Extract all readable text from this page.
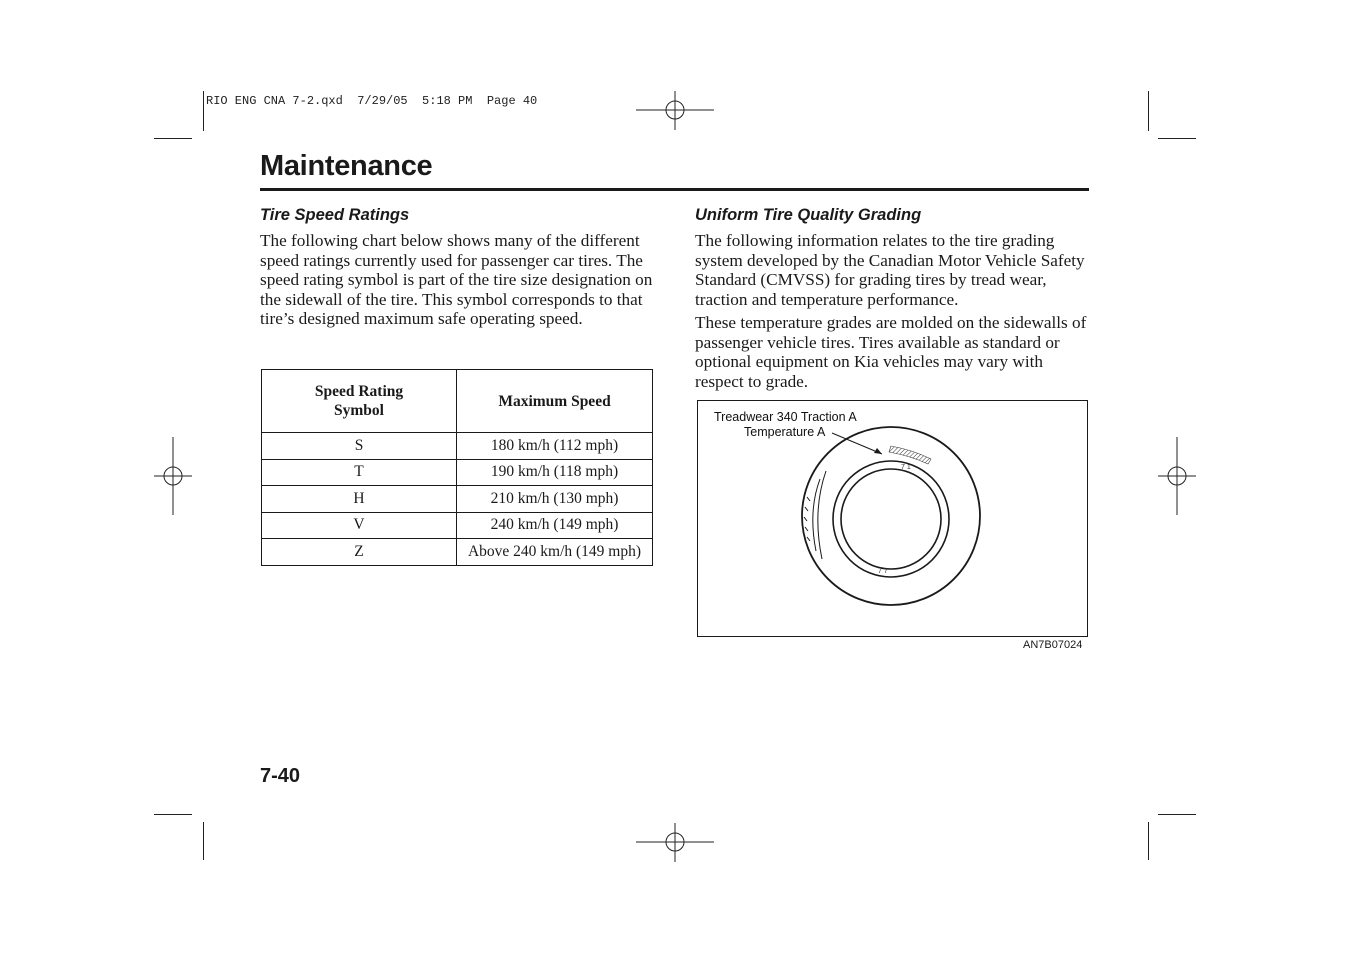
RIO ENG CNA 7-2.qxd  7/29/05  5:18 PM  Page 40
Maintenance
Tire Speed Ratings

The following chart below shows many of the different speed ratings currently used for passenger car tires. The speed rating symbol is part of the tire size designation on the sidewall of the tire. This symbol corresponds to that tire’s designed maximum safe operating speed.

Speed Rating
Symbol	Maximum Speed
S	180 km/h (112 mph)
T	190 km/h (118 mph)
H	210 km/h (130 mph)
V	240 km/h (149 mph)
Z	Above 240 km/h (149 mph)
Uniform Tire Quality Grading

The following information relates to the tire grading system developed by the Canadian Motor Vehicle Safety Standard (CMVSS) for grading tires by tread wear, traction and temperature performance.

These temperature grades are molded on the sidewalls of passenger vehicle tires. Tires available as standard or optional equipment on Kia vehicles may vary with respect to grade.

Treadwear 340 Traction A
Temperature A
7 1
7 7
AN7B07024
7-40
